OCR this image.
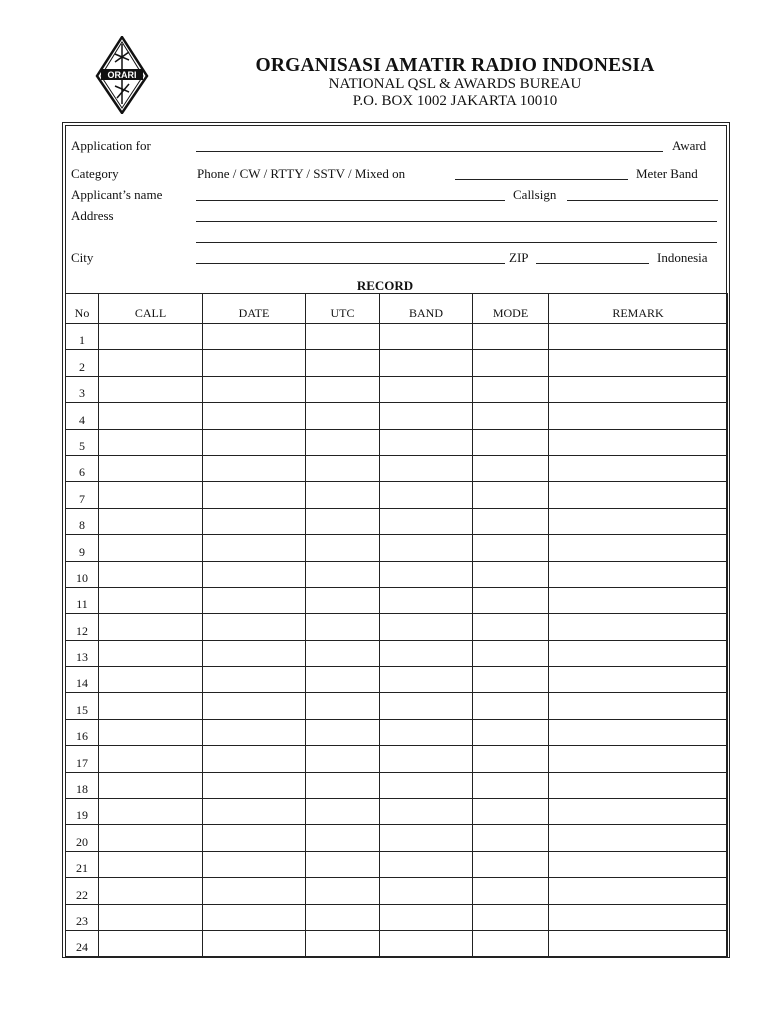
ORARI	ORGANISASI AMATIR RADIO INDONESIA
NATIONAL QSL & AWARDS BUREAU
P.O. BOX 1002 JAKARTA 10010
Application for	Award
Category	Phone / CW / RTTY / SSTV / Mixed on	Meter Band
Applicant’s name	Callsign
Address
City	ZIP	Indonesia
RECORD
No	CALL	DATE	UTC	BAND	MODE	REMARK
1						
2						
3						
4						
5						
6						
7						
8						
9						
10						
11						
12						
13						
14						
15						
16						
17						
18						
19						
20						
21						
22						
23						
24						
